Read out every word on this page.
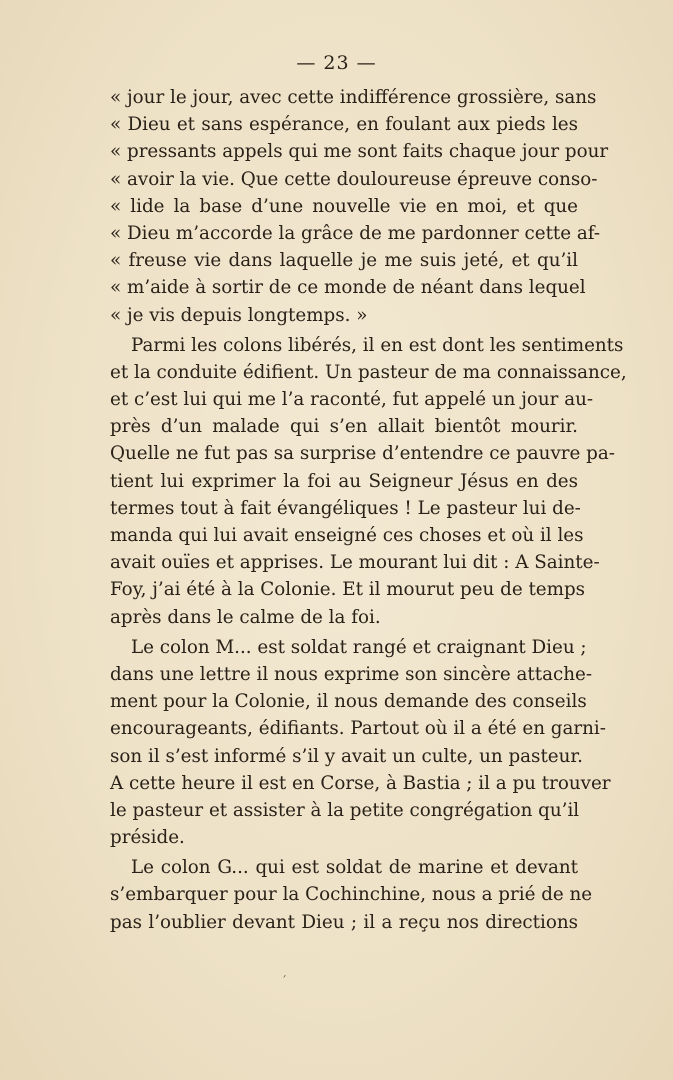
— 23 —
« jour le jour, avec cette indifférence grossière, sans
« Dieu et sans espérance, en foulant aux pieds les
« pressants appels qui me sont faits chaque jour pour
« avoir la vie. Que cette douloureuse épreuve conso-
« lide la base d’une nouvelle vie en moi, et que
« Dieu m’accorde la grâce de me pardonner cette af-
« freuse vie dans laquelle je me suis jeté, et qu’il
« m’aide à sortir de ce monde de néant dans lequel
« je vis depuis longtemps. »
Parmi les colons libérés, il en est dont les sentiments
et la conduite édifient. Un pasteur de ma connaissance,
et c’est lui qui me l’a raconté, fut appelé un jour au-
près d’un malade qui s’en allait bientôt mourir.
Quelle ne fut pas sa surprise d’entendre ce pauvre pa-
tient lui exprimer la foi au Seigneur Jésus en des
termes tout à fait évangéliques ! Le pasteur lui de-
manda qui lui avait enseigné ces choses et où il les
avait ouïes et apprises. Le mourant lui dit : A Sainte-
Foy, j’ai été à la Colonie. Et il mourut peu de temps
après dans le calme de la foi.
Le colon M... est soldat rangé et craignant Dieu ;
dans une lettre il nous exprime son sincère attache-
ment pour la Colonie, il nous demande des conseils
encourageants, édifiants. Partout où il a été en garni-
son il s’est informé s’il y avait un culte, un pasteur.
A cette heure il est en Corse, à Bastia ; il a pu trouver
le pasteur et assister à la petite congrégation qu’il
préside.
Le colon G... qui est soldat de marine et devant
s’embarquer pour la Cochinchine, nous a prié de ne
pas l’oublier devant Dieu ; il a reçu nos directions
ˊ
